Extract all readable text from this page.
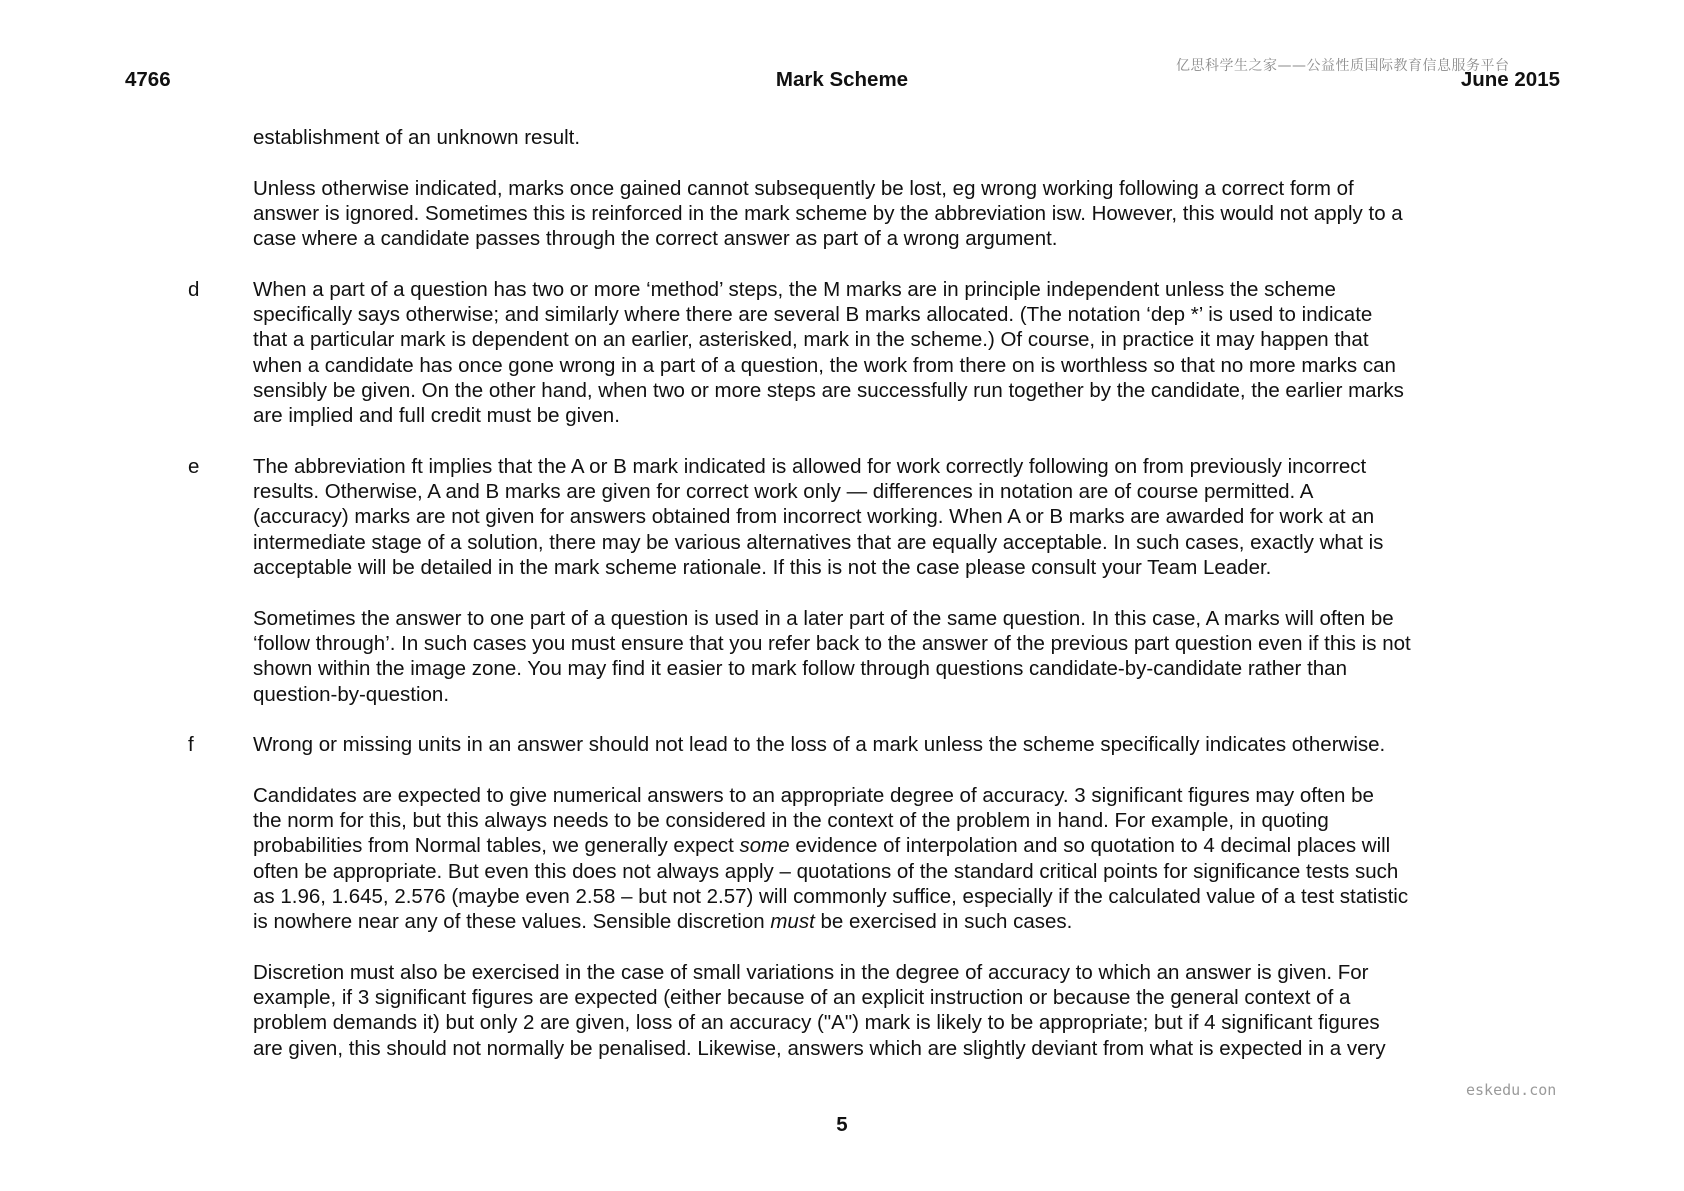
亿思科学生之家——公益性质国际教育信息服务平台
4766	Mark Scheme	June 2015
establishment of an unknown result.
Unless otherwise indicated, marks once gained cannot subsequently be lost, eg wrong working following a correct form of
answer is ignored. Sometimes this is reinforced in the mark scheme by the abbreviation isw. However, this would not apply to a
case where a candidate passes through the correct answer as part of a wrong argument.
d	When a part of a question has two or more ‘method’ steps, the M marks are in principle independent unless the scheme
specifically says otherwise; and similarly where there are several B marks allocated. (The notation ‘dep *’ is used to indicate
that a particular mark is dependent on an earlier, asterisked, mark in the scheme.) Of course, in practice it may happen that
when a candidate has once gone wrong in a part of a question, the work from there on is worthless so that no more marks can
sensibly be given. On the other hand, when two or more steps are successfully run together by the candidate, the earlier marks
are implied and full credit must be given.
e	The abbreviation ft implies that the A or B mark indicated is allowed for work correctly following on from previously incorrect
results. Otherwise, A and B marks are given for correct work only — differences in notation are of course permitted. A
(accuracy) marks are not given for answers obtained from incorrect working. When A or B marks are awarded for work at an
intermediate stage of a solution, there may be various alternatives that are equally acceptable. In such cases, exactly what is
acceptable will be detailed in the mark scheme rationale. If this is not the case please consult your Team Leader.
Sometimes the answer to one part of a question is used in a later part of the same question. In this case, A marks will often be
‘follow through’. In such cases you must ensure that you refer back to the answer of the previous part question even if this is not
shown within the image zone. You may find it easier to mark follow through questions candidate-by-candidate rather than
question-by-question.
f	Wrong or missing units in an answer should not lead to the loss of a mark unless the scheme specifically indicates otherwise.
Candidates are expected to give numerical answers to an appropriate degree of accuracy. 3 significant figures may often be
the norm for this, but this always needs to be considered in the context of the problem in hand. For example, in quoting
probabilities from Normal tables, we generally expect some evidence of interpolation and so quotation to 4 decimal places will
often be appropriate. But even this does not always apply – quotations of the standard critical points for significance tests such
as 1.96, 1.645, 2.576 (maybe even 2.58 – but not 2.57) will commonly suffice, especially if the calculated value of a test statistic
is nowhere near any of these values. Sensible discretion must be exercised in such cases.
Discretion must also be exercised in the case of small variations in the degree of accuracy to which an answer is given. For
example, if 3 significant figures are expected (either because of an explicit instruction or because the general context of a
problem demands it) but only 2 are given, loss of an accuracy ("A") mark is likely to be appropriate; but if 4 significant figures
are given, this should not normally be penalised. Likewise, answers which are slightly deviant from what is expected in a very
eskedu.con
5
